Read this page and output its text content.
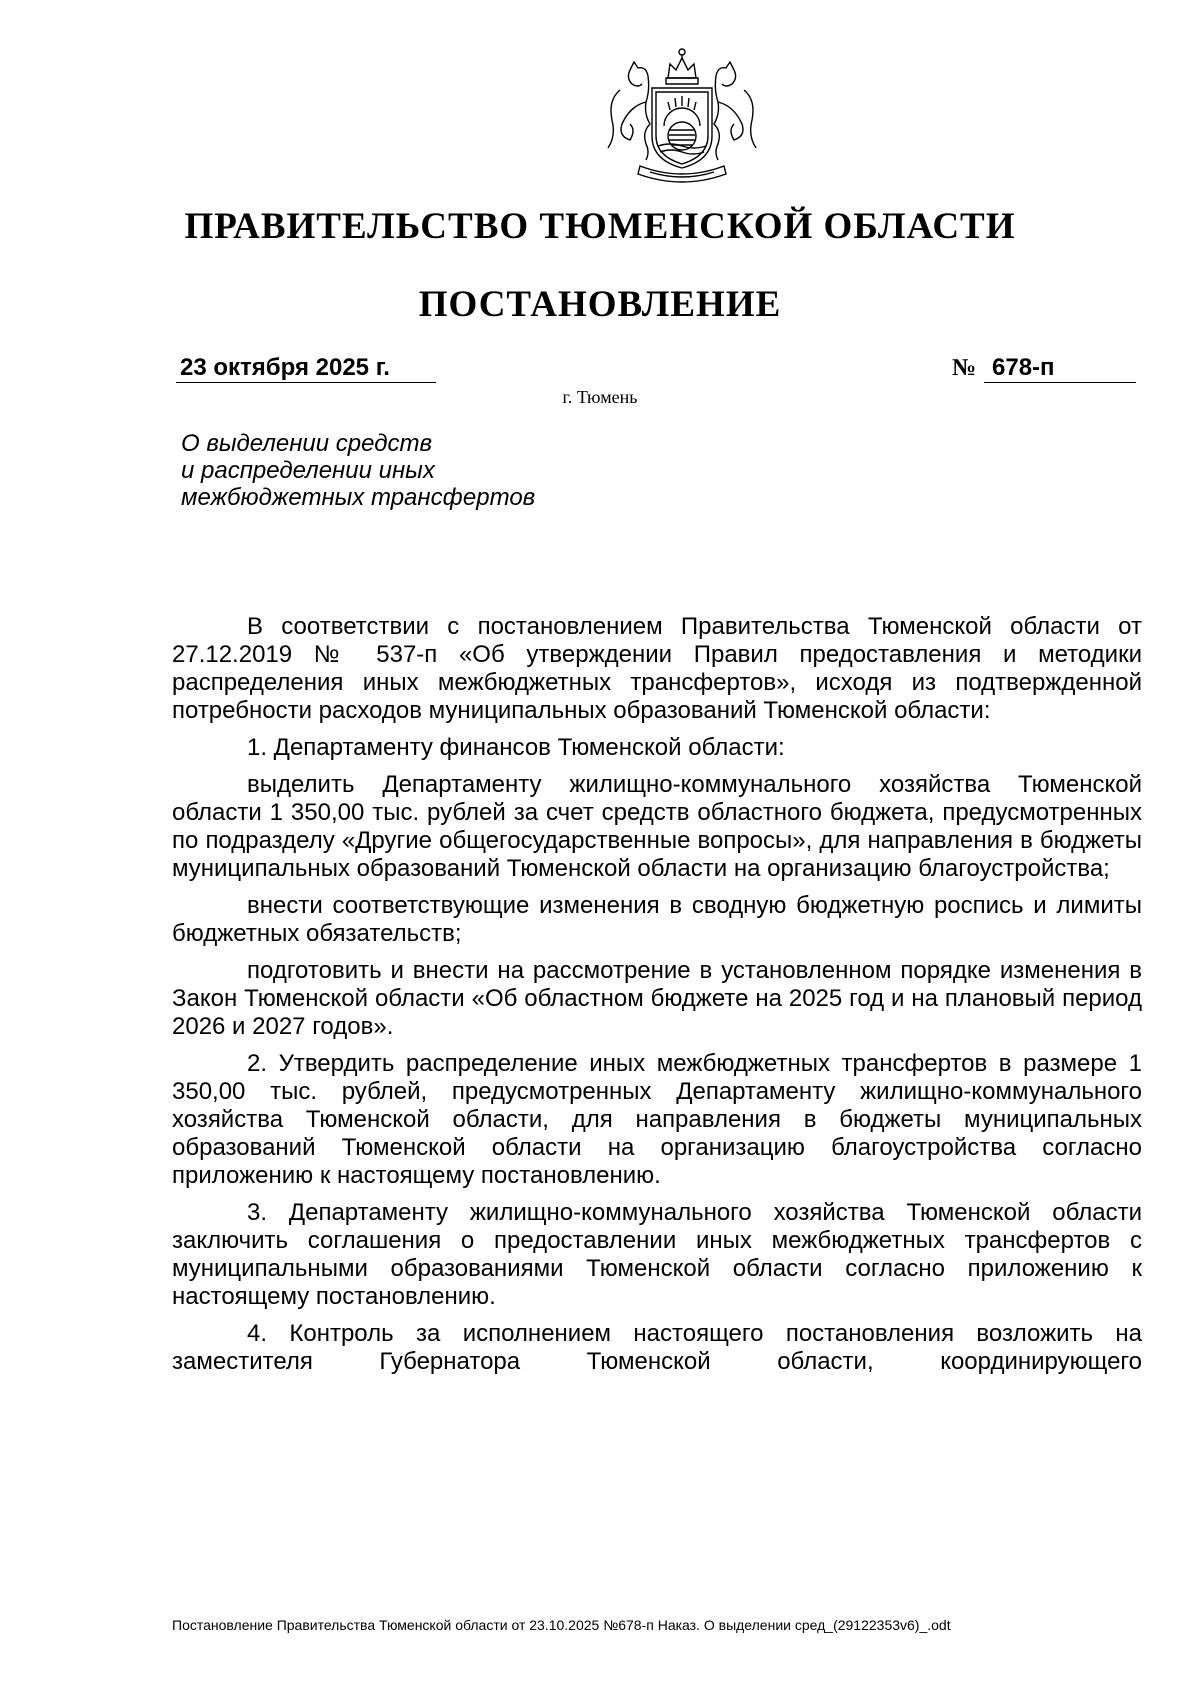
ПРАВИТЕЛЬСТВО ТЮМЕНСКОЙ ОБЛАСТИ
ПОСТАНОВЛЕНИЕ
23 октября 2025 г.	№ 678-п
г. Тюмень
О выделении средств
и распределении иных
межбюджетных трансфертов

В соответствии с постановлением Правительства Тюменской области от 27.12.2019 № 537-п «Об утверждении Правил предоставления и методики распределения иных межбюджетных трансфертов», исходя из подтвержденной потребности расходов муниципальных образований Тюменской области:

1. Департаменту финансов Тюменской области:

выделить Департаменту жилищно-коммунального хозяйства Тюменской области 1 350,00 тыс. рублей за счет средств областного бюджета, предусмотренных по подразделу «Другие общегосударственные вопросы», для направления в бюджеты муниципальных образований Тюменской области на организацию благоустройства;

внести соответствующие изменения в сводную бюджетную роспись и лимиты бюджетных обязательств;

подготовить и внести на рассмотрение в установленном порядке изменения в Закон Тюменской области «Об областном бюджете на 2025 год и на плановый период 2026 и 2027 годов».

2. Утвердить распределение иных межбюджетных трансфертов в размере 1 350,00 тыс. рублей, предусмотренных Департаменту жилищно-коммунального хозяйства Тюменской области, для направления в бюджеты муниципальных образований Тюменской области на организацию благоустройства согласно приложению к настоящему постановлению.

3. Департаменту жилищно-коммунального хозяйства Тюменской области заключить соглашения о предоставлении иных межбюджетных трансфертов с муниципальными образованиями Тюменской области согласно приложению к настоящему постановлению.

4. Контроль за исполнением настоящего постановления возложить на заместителя Губернатора Тюменской области, координирующего

Постановление Правительства Тюменской области от 23.10.2025 №678-п Наказ. О выделении сред_(29122353v6)_.odt
